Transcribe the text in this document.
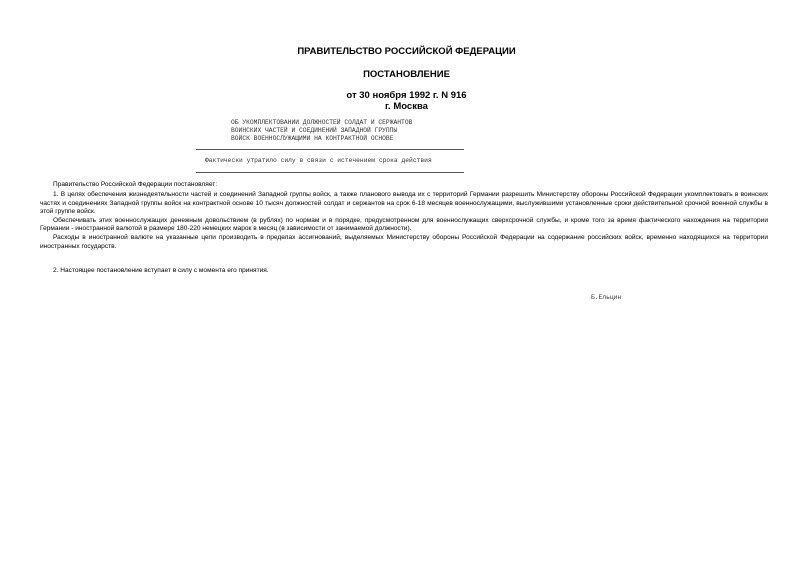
ПРАВИТЕЛЬСТВО РОССИЙСКОЙ ФЕДЕРАЦИИ
ПОСТАНОВЛЕНИЕ
от 30 ноября 1992 г. N 916
г. Москва
ОБ УКОМПЛЕКТОВАНИИ ДОЛЖНОСТЕЙ СОЛДАТ И СЕРЖАНТОВ
ВОИНСКИХ ЧАСТЕЙ И СОЕДИНЕНИЙ ЗАПАДНОЙ ГРУППЫ
ВОЙСК ВОЕННОСЛУЖАЩИМИ НА КОНТРАКТНОЙ ОСНОВЕ
Фактически утратило силу в связи с истечением срока действия

Правительство Российской Федерации постановляет:

1. В целях обеспечения жизнедеятельности частей и соединений Западной группы войск, а также планового вывода их с территорий Германии разрешить Министерству обороны Российской Федерации укомплектовать в воинских частях и соединениях Западной группы войск на контрактной основе 10 тысяч должностей солдат и сержантов на срок 6-18 месяцев военнослужащими, выслужившими установленные сроки действительной срочной военной службы в этой группе войск.

Обеспечивать этих военнослужащих денежным довольствием (в рублях) по нормам и в порядке, предусмотренном для военнослужащих сверхсрочной службы, и кроме того за время фактического нахождения на территории Германии - иностранной валютой в размере 180-220 немецких марок в месяц (в зависимости от занимаемой должности).

Расходы в иностранной валюте на указанные цели производить в пределах ассигнований, выделяемых Министерству обороны Российской Федерации на содержание российских войск, временно находящихся на территории иностранных государств.

2. Настоящее постановление вступает в силу с момента его принятия.

Б.Ельцин
